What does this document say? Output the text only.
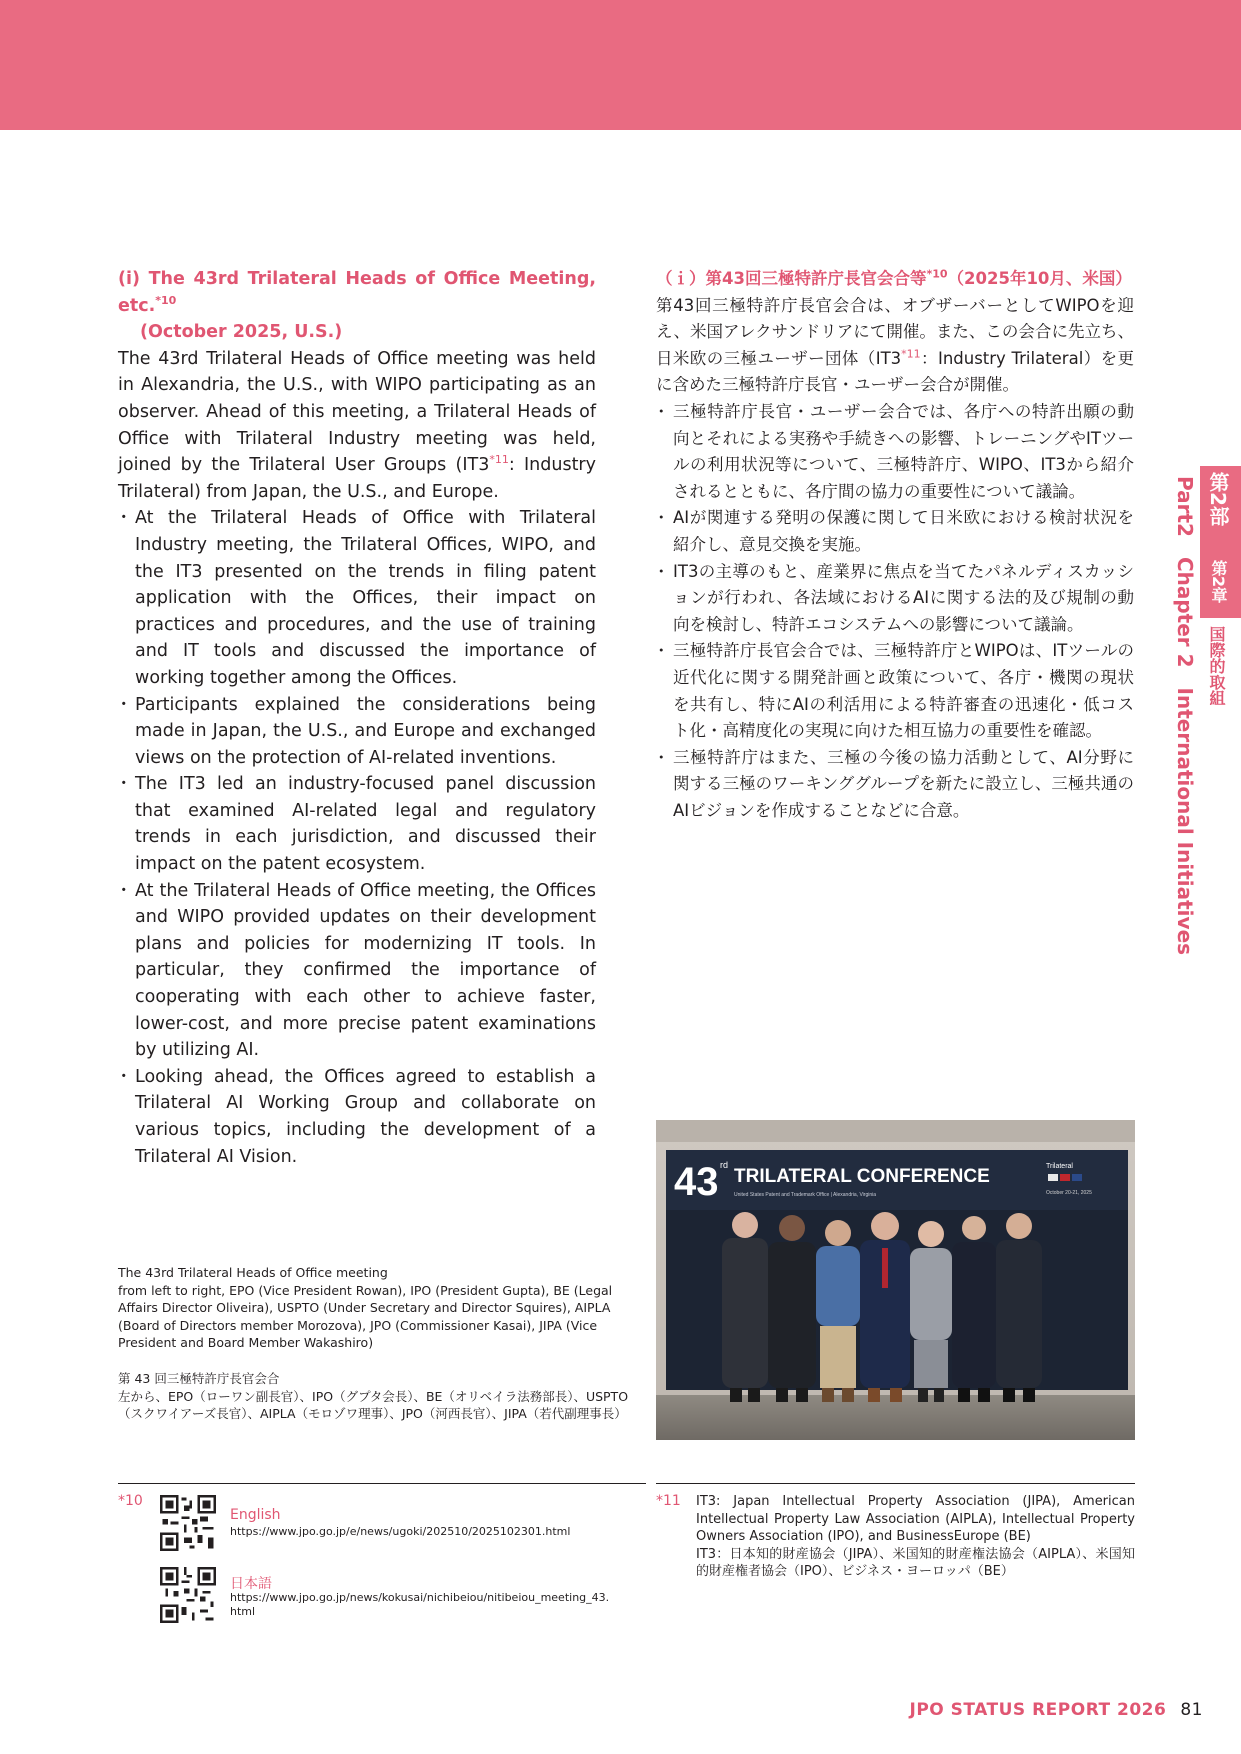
(i) The 43rd Trilateral Heads of Office Meeting, etc.$^{*10}$
(October 2025, U.S.)

The 43rd Trilateral Heads of Office meeting was held in Alexandria, the U.S., with WIPO participating as an observer. Ahead of this meeting, a Trilateral Heads of Office with Trilateral Industry meeting was held, joined by the Trilateral User Groups (IT3$^{*11}$: Industry Trilateral) from Japan, the U.S., and Europe.

・ At the Trilateral Heads of Office with Trilateral Industry meeting, the Trilateral Offices, WIPO, and the IT3 presented on the trends in filing patent application with the Offices, their impact on practices and procedures, and the use of training and IT tools and discussed the importance of working together among the Offices.
・ Participants explained the considerations being made in Japan, the U.S., and Europe and exchanged views on the protection of AI-related inventions.
・ The IT3 led an industry-focused panel discussion that examined AI-related legal and regulatory trends in each jurisdiction, and discussed their impact on the patent ecosystem.
・ At the Trilateral Heads of Office meeting, the Offices and WIPO provided updates on their development plans and policies for modernizing IT tools. In particular, they confirmed the importance of cooperating with each other to achieve faster, lower-cost, and more precise patent examinations by utilizing AI.
・ Looking ahead, the Offices agreed to establish a Trilateral AI Working Group and collaborate on various topics, including the development of a Trilateral AI Vision.
（ｉ）第43回三極特許庁長官会合等$^{*10}$（2025年10月、米国）

第43回三極特許庁長官会合は、オブザーバーとしてWIPOを迎え、米国アレクサンドリアにて開催。また、この会合に先立ち、日米欧の三極ユーザー団体（IT3$^{*11}$：Industry Trilateral）を更に含めた三極特許庁長官・ユーザー会合が開催。

・ 三極特許庁長官・ユーザー会合では、各庁への特許出願の動向とそれによる実務や手続きへの影響、トレーニングやITツールの利用状況等について、三極特許庁、WIPO、IT3から紹介されるとともに、各庁間の協力の重要性について議論。
・ AIが関連する発明の保護に関して日米欧における検討状況を紹介し、意見交換を実施。
・ IT3の主導のもと、産業界に焦点を当てたパネルディスカッションが行われ、各法域におけるAIに関する法的及び規制の動向を検討し、特許エコシステムへの影響について議論。
・ 三極特許庁長官会合では、三極特許庁とWIPOは、ITツールの近代化に関する開発計画と政策について、各庁・機関の現状を共有し、特にAIの利活用による特許審査の迅速化・低コスト化・高精度化の実現に向けた相互協力の重要性を確認。
・ 三極特許庁はまた、三極の今後の協力活動として、AI分野に関する三極のワーキンググループを新たに設立し、三極共通のAIビジョンを作成することなどに合意。
43 rd
TRILATERAL CONFERENCE
United States Patent and Trademark Office | Alexandria, Virginia
Trilateral
October 20-21, 2025
The 43rd Trilateral Heads of Office meeting
from left to right, EPO (Vice President Rowan), IPO (President Gupta), BE (Legal Affairs Director Oliveira), USPTO (Under Secretary and Director Squires), AIPLA (Board of Directors member Morozova), JPO (Commissioner Kasai), JIPA (Vice President and Board Member Wakashiro)
第 43 回三極特許庁長官会合
左から、EPO（ローワン副長官）、IPO（グプタ会長）、BE（オリベイラ法務部長）、USPTO（スクワイアーズ長官）、AIPLA（モロゾワ理事）、JPO（河西長官）、JIPA（若代副理事長）
*10
English
https://www.jpo.go.jp/e/news/ugoki/202510/2025102301.html
日本語
https://www.jpo.go.jp/news/kokusai/nichibeiou/nitibeiou_meeting_43.html
*11 IT3: Japan Intellectual Property Association (JIPA), American Intellectual Property Law Association (AIPLA), Intellectual Property Owners Association (IPO), and BusinessEurope (BE)
IT3：日本知的財産協会（JIPA）、米国知的財産権法協会（AIPLA）、米国知的財産権者協会（IPO）、ビジネス・ヨーロッパ（BE）
第2部
第2章
国際的取組
Part2　Chapter 2　International Initiatives
JPO STATUS REPORT 2026 81
